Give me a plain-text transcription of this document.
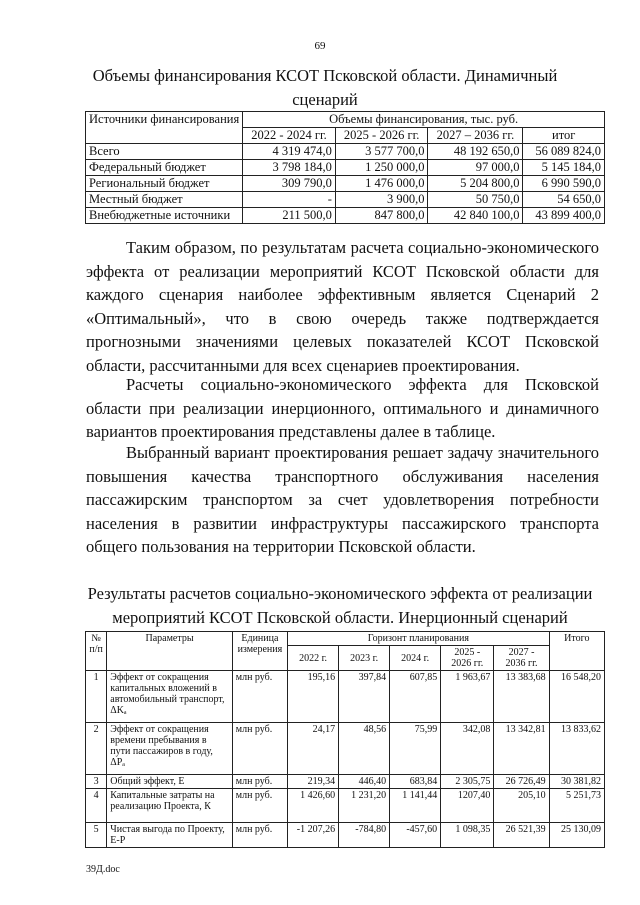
69
Объемы финансирования КСОТ Псковской области. Динамичный сценарий
Источники финансирования	Объемы финансирования, тыс. руб.			
	2022 - 2024 гг.	2025 - 2026 гг.	2027 – 2036 гг.	итог
Всего	4 319 474,0	3 577 700,0	48 192 650,0	56 089 824,0
Федеральный бюджет	3 798 184,0	1 250 000,0	97 000,0	5 145 184,0
Региональный бюджет	309 790,0	1 476 000,0	5 204 800,0	6 990 590,0
Местный бюджет	-	3 900,0	50 750,0	54 650,0
Внебюджетные источники	211 500,0	847 800,0	42 840 100,0	43 899 400,0
Таким образом, по результатам расчета социально-экономического эффекта от реализации мероприятий КСОТ Псковской области для каждого сценария наиболее эффективным является Сценарий 2 «Оптимальный», что в свою очередь также подтверждается прогнозными значениями целевых показателей КСОТ Псковской области, рассчитанными для всех сценариев проектирования.
Расчеты социально-экономического эффекта для Псковской области при реализации инерционного, оптимального и динамичного вариантов проектирования представлены далее в таблице.
Выбранный вариант проектирования решает задачу значительного повышения качества транспортного обслуживания населения пассажирским транспортом за счет удовлетворения потребности населения в развитии инфраструктуры пассажирского транспорта общего пользования на территории Псковской области.
Результаты расчетов социально-экономического эффекта от реализации мероприятий КСОТ Псковской области. Инерционный сценарий
№ п/п	Параметры	Единица измерения	Горизонт планирования					Итого
			2022 г.	2023 г.	2024 г.	2025 - 2026 гг.	2027 - 2036 гг.	
1	Эффект от сокращения капитальных вложений в автомобильный транспорт, ΔKₐ	млн руб.	195,16	397,84	607,85	1 963,67	13 383,68	16 548,20
2	Эффект от сокращения времени пребывания в пути пассажиров в году, ΔPₐ	млн руб.	24,17	48,56	75,99	342,08	13 342,81	13 833,62
3	Общий эффект, Е	млн руб.	219,34	446,40	683,84	2 305,75	26 726,49	30 381,82
4	Капитальные затраты на реализацию Проекта, К	млн руб.	1 426,60	1 231,20	1 141,44	1207,40	205,10	5 251,73
5	Чистая выгода по Проекту, Е-Р	млн руб.	-1 207,26	-784,80	-457,60	1 098,35	26 521,39	25 130,09
39Д.doc
